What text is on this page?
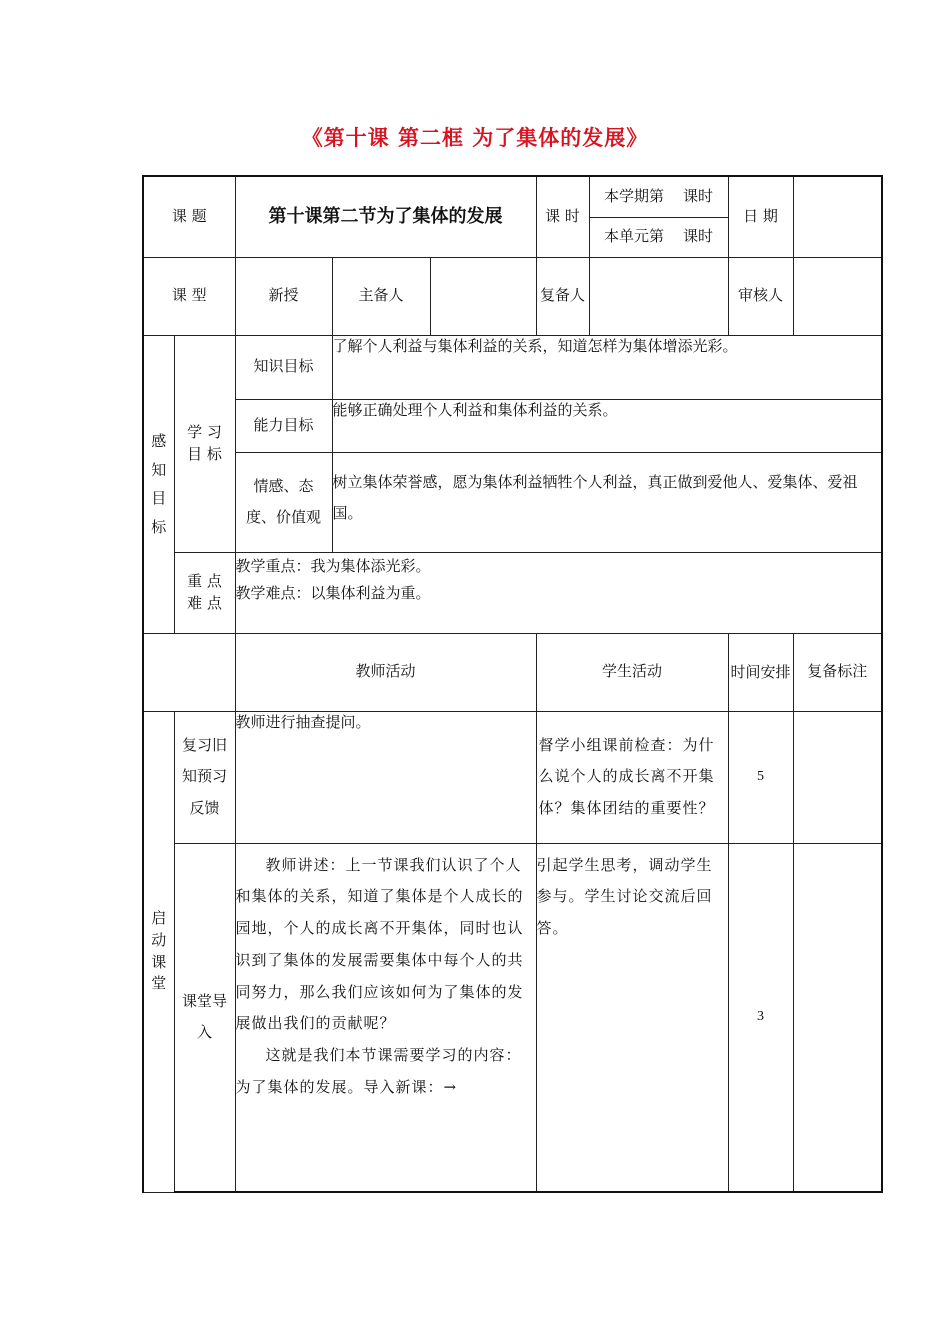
《第十课 第二框 为了集体的发展》
课 题		第十课第二节为了集体的发展			课 时	本学期第    课时	日 期	
						本单元第    课时		
课 型		新授	主备人		复备人		审核人	
感知目标	学 习 目 标	知识目标	了解个人利益与集体利益的关系，知道怎样为集体增添光彩。					
		能力目标	能够正确处理个人利益和集体利益的关系。					
		情感、态度、价值观	树立集体荣誉感，愿为集体利益牺牲个人利益，真正做到爱他人、爱集体、爱祖国。					
	重 点 难 点	教学重点：我为集体添光彩。
教学难点：以集体利益为重。						

		教师活动			学生活动		时间安排	复备标注
启动课堂	复习旧知预习反馈	教师进行抽查提问。			督学小组课前检查：为什么说个人的成长离不开集体？集体团结的重要性？		5	
	课堂导入	教师讲述：上一节课我们认识了个人和集体的关系，知道了集体是个人成长的园地，个人的成长离不开集体，同时也认识到了集体的发展需要集体中每个人的共同努力，那么我们应该如何为了集体的发展做出我们的贡献呢？
这就是我们本节课需要学习的内容：为了集体的发展。导入新课：→			引起学生思考，调动学生参与。学生讨论交流后回答。		3	
